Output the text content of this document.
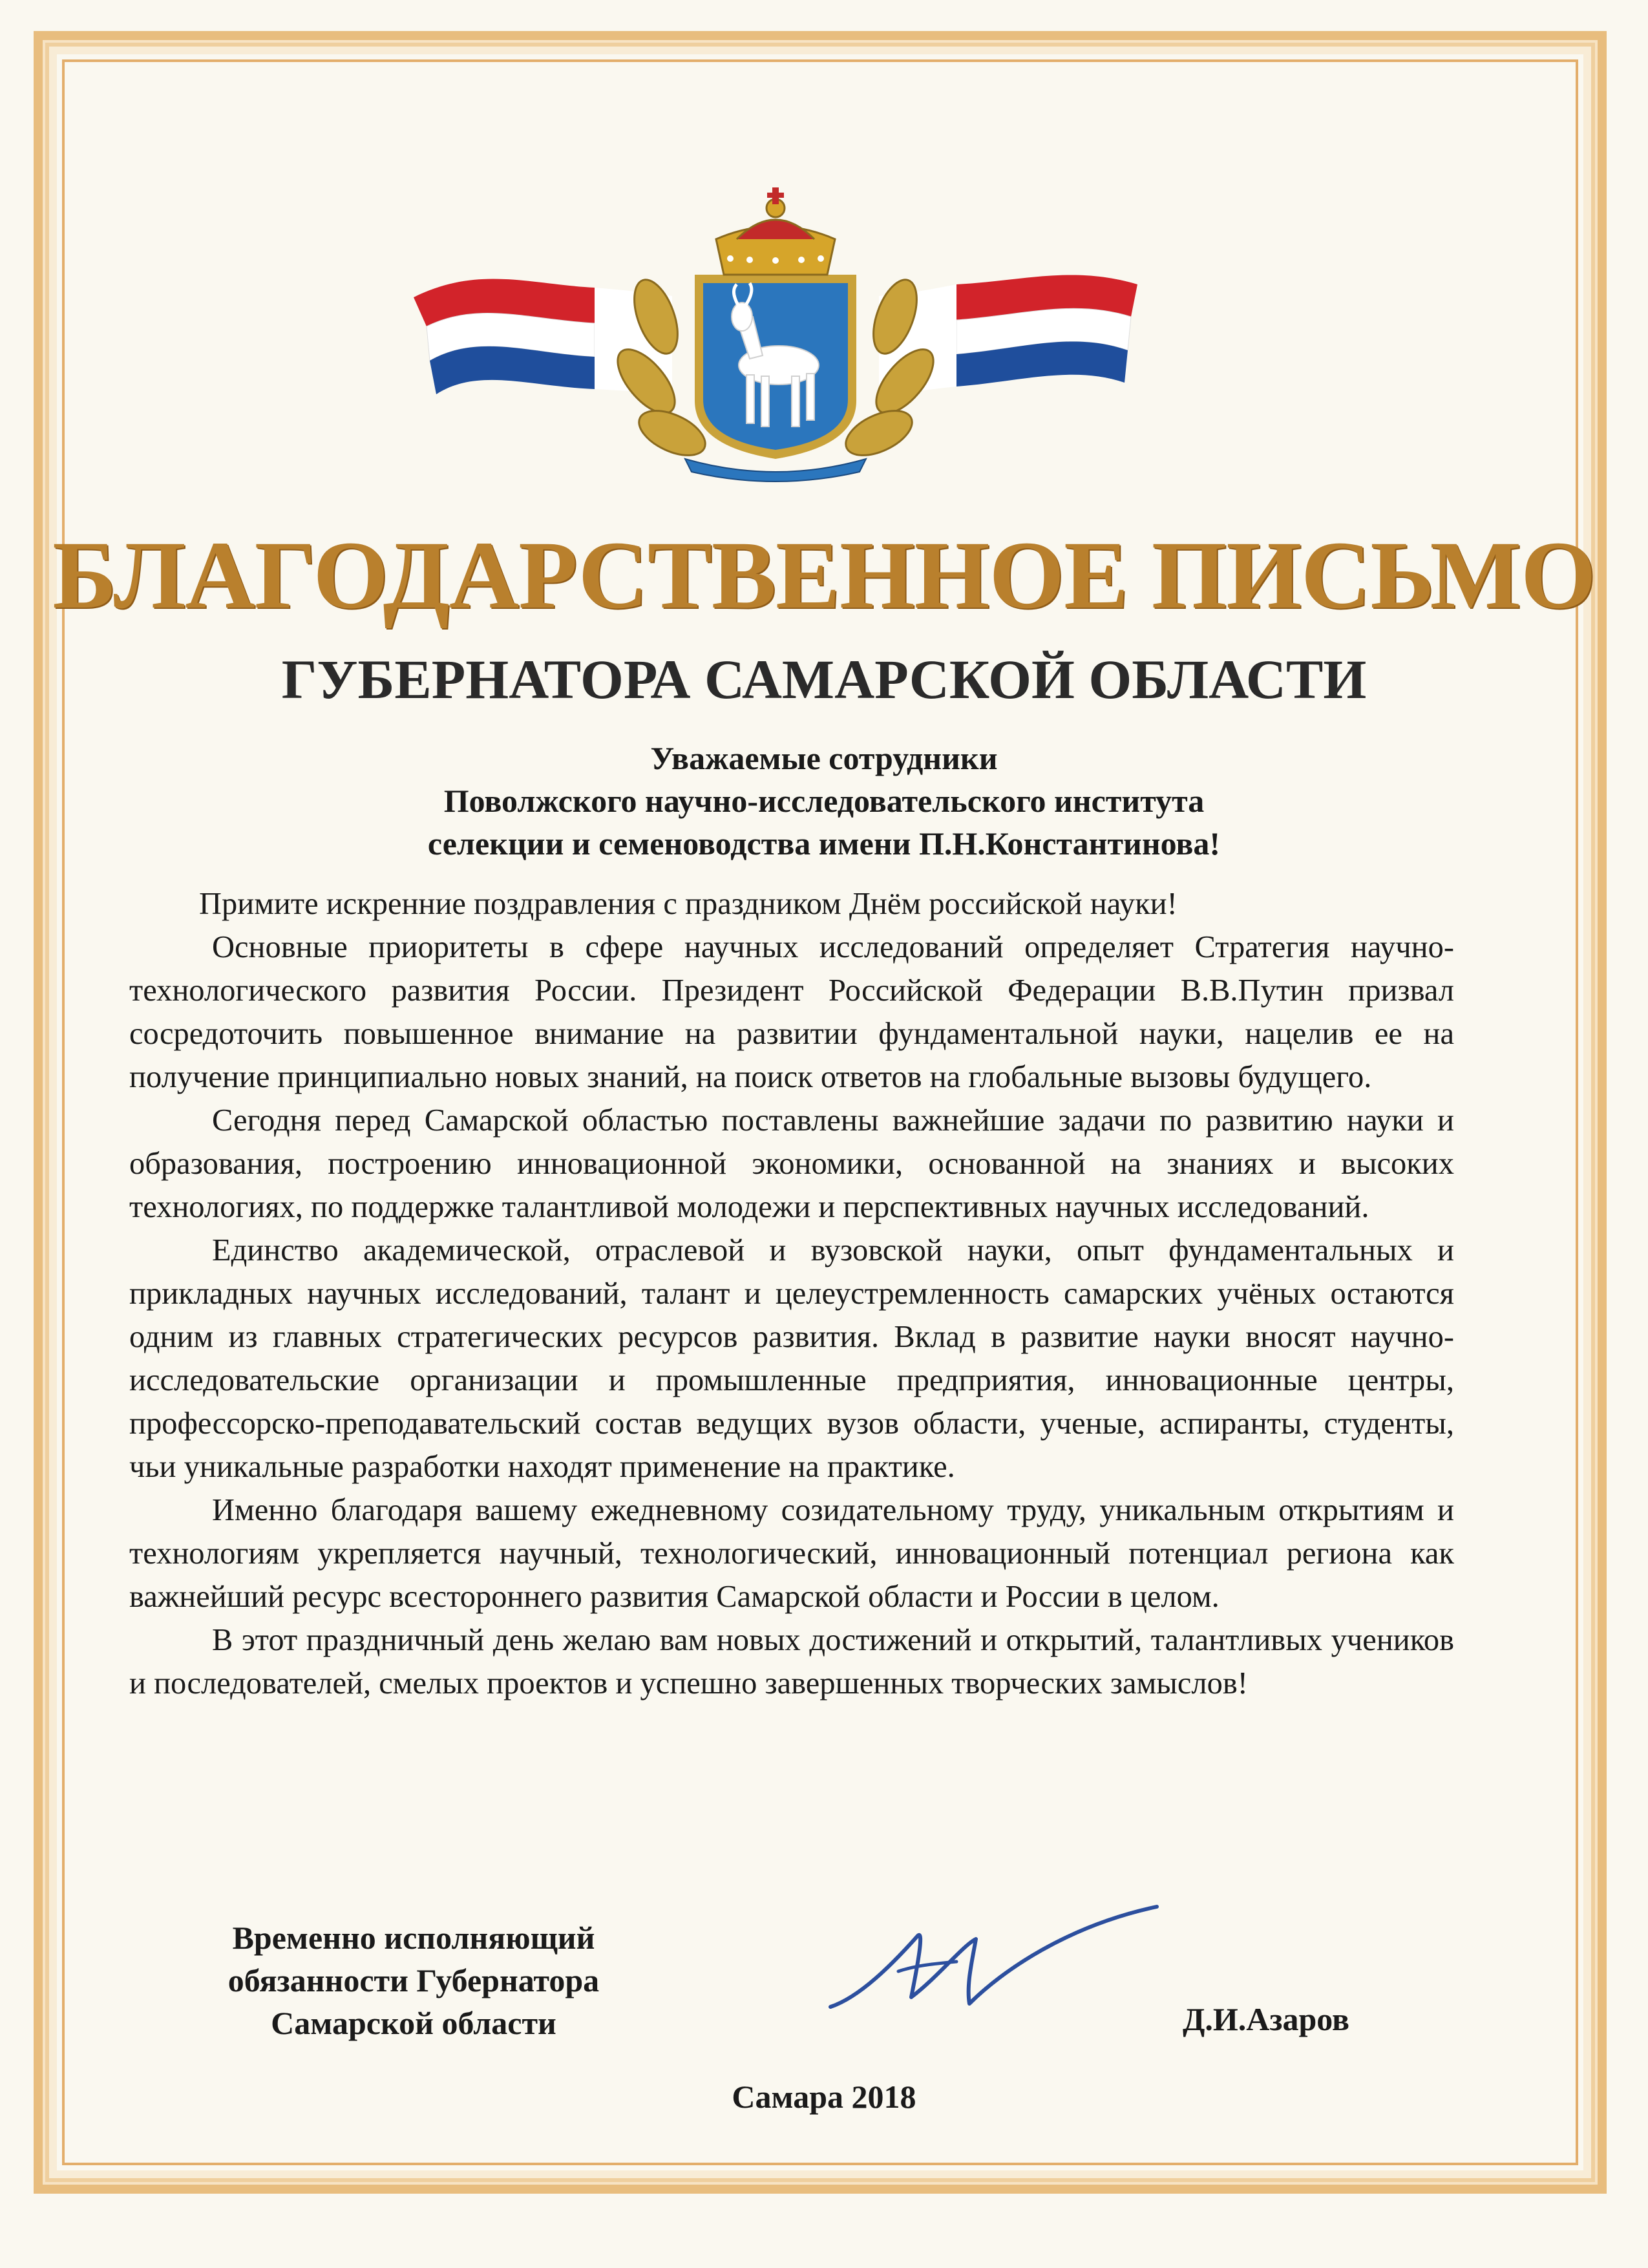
БЛАГОДАРСТВЕННОЕ ПИСЬМО
ГУБЕРНАТОРА САМАРСКОЙ ОБЛАСТИ
Уважаемые сотрудники
Поволжского научно-исследовательского института
селекции и семеноводства имени П.Н.Константинова!

Примите искренние поздравления с праздником Днём российской науки!

Основные приоритеты в сфере научных исследований определяет Стратегия научно-технологического развития России. Президент Российской Федерации В.В.Путин призвал сосредоточить повышенное внимание на развитии фундаментальной науки, нацелив ее на получение принципиально новых знаний, на поиск ответов на глобальные вызовы будущего.

Сегодня перед Самарской областью поставлены важнейшие задачи по развитию науки и образования, построению инновационной экономики, основанной на знаниях и высоких технологиях, по поддержке талантливой молодежи и перспективных научных исследований.

Единство академической, отраслевой и вузовской науки, опыт фундаментальных и прикладных научных исследований, талант и целеустремленность самарских учёных остаются одним из главных стратегических ресурсов развития. Вклад в развитие науки вносят научно-исследовательские организации и промышленные предприятия, инновационные центры, профессорско-преподавательский состав ведущих вузов области, ученые, аспиранты, студенты, чьи уникальные разработки находят применение на практике.

Именно благодаря вашему ежедневному созидательному труду, уникальным открытиям и технологиям укрепляется научный, технологический, инновационный потенциал региона как важнейший ресурс всестороннего развития Самарской области и России в целом.

В этот праздничный день желаю вам новых достижений и открытий, талантливых учеников и последователей, смелых проектов и успешно завершенных творческих замыслов!

Временно исполняющий
обязанности Губернатора
Самарской области	Д.И.Азаров
Самара 2018
